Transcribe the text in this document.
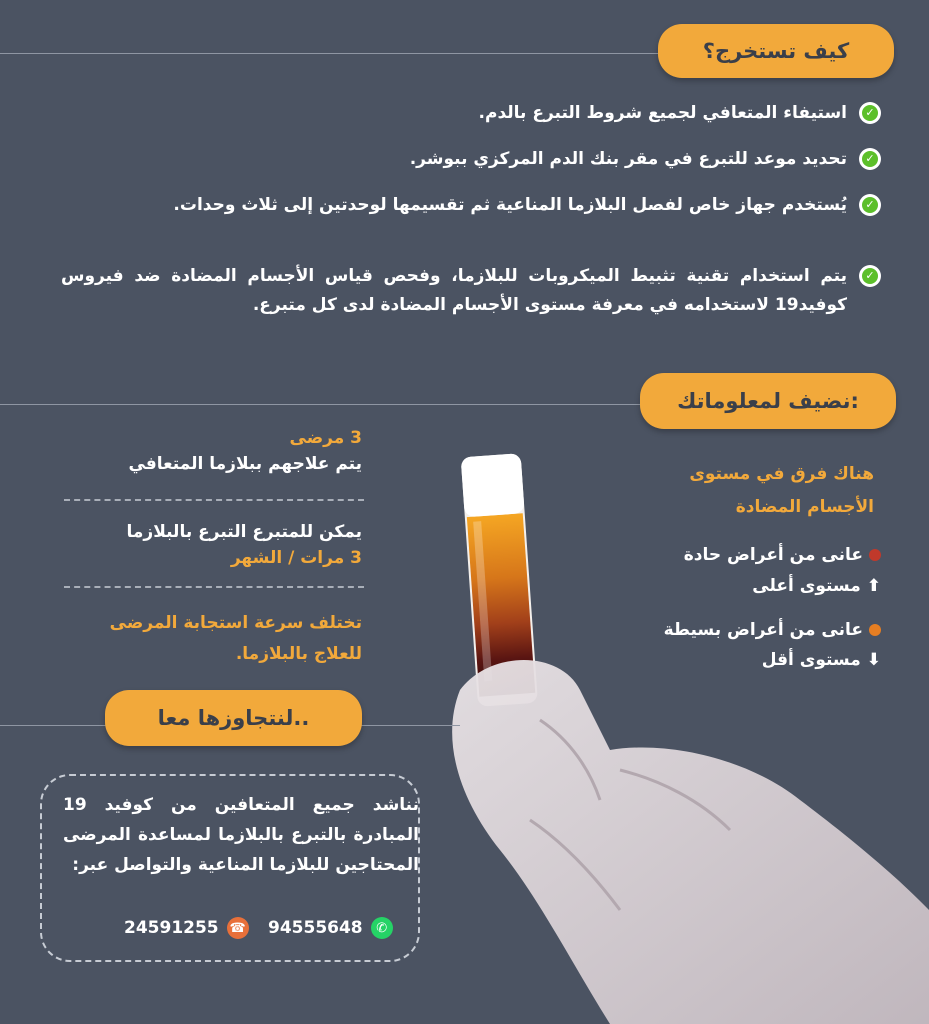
كيف تستخرج؟
✓
استيفاء المتعافي لجميع شروط التبرع بالدم.
✓
تحديد موعد للتبرع في مقر بنك الدم المركزي ببوشر.
✓
يُستخدم جهاز خاص لفصل البلازما المناعية ثم تقسيمها لوحدتين إلى ثلاث وحدات.
✓
يتم استخدام تقنية تثبيط الميكروبات للبلازما، وفحص قياس الأجسام المضادة ضد فيروس كوفيد19 لاستخدامه في معرفة مستوى الأجسام المضادة لدى كل متبرع.
نضيف لمعلوماتك:
3 مرضى
يتم علاجهم ببلازما المتعافي
يمكن للمتبرع التبرع بالبلازما
3 مرات / الشهر
تختلف سرعة استجابة المرضى للعلاج بالبلازما.
هناك فرق في مستوى الأجسام المضادة
عانى من أعراض حادة
⬆مستوى أعلى
عانى من أعراض بسيطة
⬇مستوى أقل
لنتجاوزها معا..
نناشد جميع المتعافين من كوفيد 19 المبادرة بالتبرع بالبلازما لمساعدة المرضى المحتاجين للبلازما المناعية والتواصل عبر:
94555648	✆
24591255 ☎
